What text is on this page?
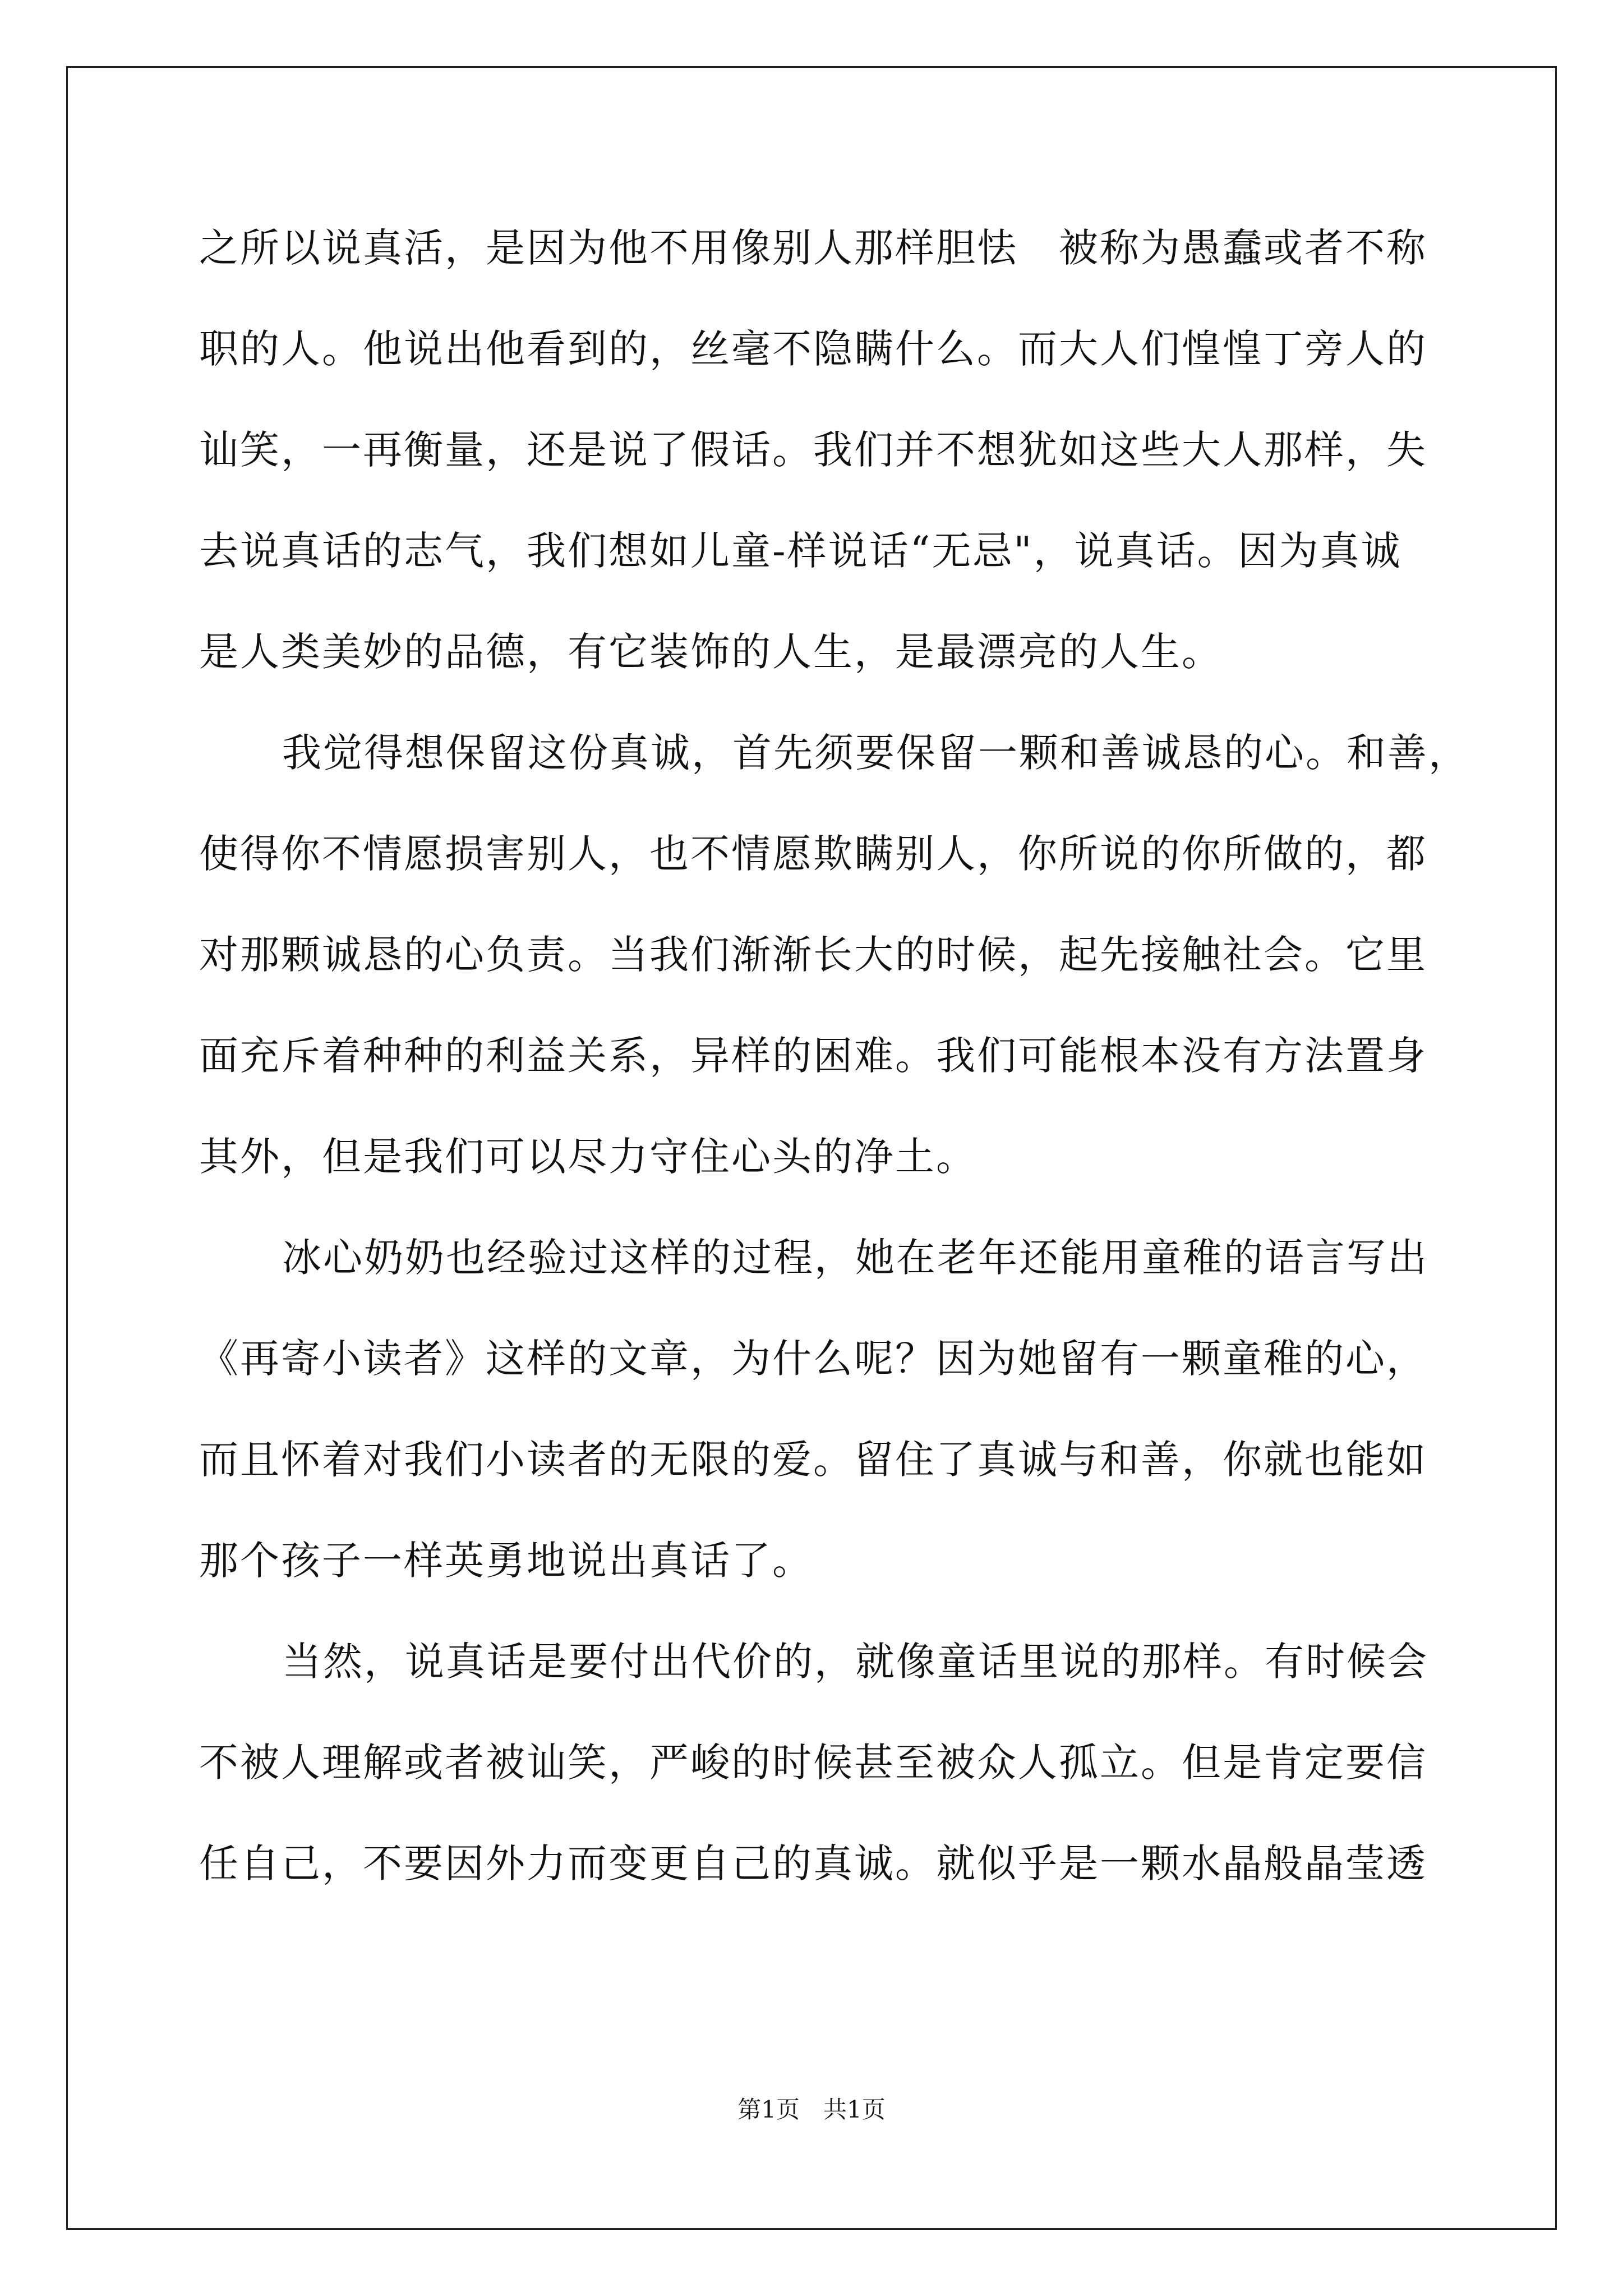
之所以说真活，是因为他不用像别人那样胆怯　被称为愚蠢或者不称
职的人。他说出他看到的，丝毫不隐瞒什么。而大人们惶惶丁旁人的
讪笑，一再衡量，还是说了假话。我们并不想犹如这些大人那样，失
去说真话的志气，我们想如儿童-样说话“无忌"，说真话。因为真诚
是人类美妙的品德，有它装饰的人生，是最漂亮的人生。
我觉得想保留这份真诚，首先须要保留一颗和善诚恳的心。和善，
使得你不情愿损害别人，也不情愿欺瞒别人，你所说的你所做的，都
对那颗诚恳的心负责。当我们渐渐长大的时候，起先接触社会。它里
面充斥着种种的利益关系，异样的困难。我们可能根本没有方法置身
其外，但是我们可以尽力守住心头的净土。
冰心奶奶也经验过这样的过程，她在老年还能用童稚的语言写出
《再寄小读者》这样的文章，为什么呢？因为她留有一颗童稚的心，
而且怀着对我们小读者的无限的爱。留住了真诚与和善，你就也能如
那个孩子一样英勇地说出真话了。
当然，说真话是要付出代价的，就像童话里说的那样。有时候会
不被人理解或者被讪笑，严峻的时候甚至被众人孤立。但是肯定要信
任自己，不要因外力而变更自己的真诚。就似乎是一颗水晶般晶莹透
第1页　共1页
